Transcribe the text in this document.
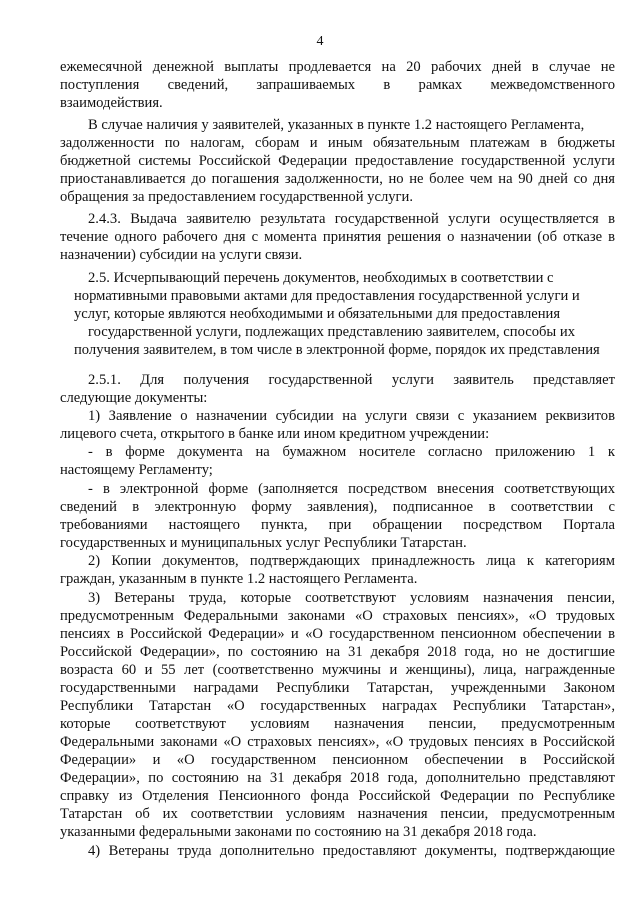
4
ежемесячной денежной выплаты продлевается на 20 рабочих дней в случае не
поступления сведений, запрашиваемых в рамках межведомственного
взаимодействия.
В случае наличия у заявителей, указанных в пункте 1.2 настоящего Регламента,
задолженности по налогам, сборам и иным обязательным платежам в бюджеты
бюджетной системы Российской Федерации предоставление государственной услуги
приостанавливается до погашения задолженности, но не более чем на 90 дней со дня
обращения за предоставлением государственной услуги.
2.4.3. Выдача заявителю результата государственной услуги осуществляется в
течение одного рабочего дня с момента принятия решения о назначении (об отказе в
назначении) субсидии на услуги связи.
2.5. Исчерпывающий перечень документов, необходимых в соответствии с
нормативными правовыми актами для предоставления государственной услуги и
услуг, которые являются необходимыми и обязательными для предоставления
государственной услуги, подлежащих представлению заявителем, способы их
получения заявителем, в том числе в электронной форме, порядок их представления
2.5.1. Для получения государственной услуги заявитель представляет
следующие документы:
1) Заявление о назначении субсидии на услуги связи с указанием реквизитов
лицевого счета, открытого в банке или ином кредитном учреждении:
- в форме документа на бумажном носителе согласно приложению 1 к
настоящему Регламенту;
- в электронной форме (заполняется посредством внесения соответствующих
сведений в электронную форму заявления), подписанное в соответствии с
требованиями настоящего пункта, при обращении посредством Портала
государственных и муниципальных услуг Республики Татарстан.
2) Копии документов, подтверждающих принадлежность лица к категориям
граждан, указанным в пункте 1.2 настоящего Регламента.
3) Ветераны труда, которые соответствуют условиям назначения пенсии,
предусмотренным Федеральными законами «О страховых пенсиях», «О трудовых
пенсиях в Российской Федерации» и «О государственном пенсионном обеспечении в
Российской Федерации», по состоянию на 31 декабря 2018 года, но не достигшие
возраста 60 и 55 лет (соответственно мужчины и женщины), лица, награжденные
государственными наградами Республики Татарстан, учрежденными Законом
Республики Татарстан «О государственных наградах Республики Татарстан»,
которые соответствуют условиям назначения пенсии, предусмотренным
Федеральными законами «О страховых пенсиях», «О трудовых пенсиях в Российской
Федерации» и «О государственном пенсионном обеспечении в Российской
Федерации», по состоянию на 31 декабря 2018 года, дополнительно представляют
справку из Отделения Пенсионного фонда Российской Федерации по Республике
Татарстан об их соответствии условиям назначения пенсии, предусмотренным
указанными федеральными законами по состоянию на 31 декабря 2018 года.
4) Ветераны труда дополнительно предоставляют документы, подтверждающие
